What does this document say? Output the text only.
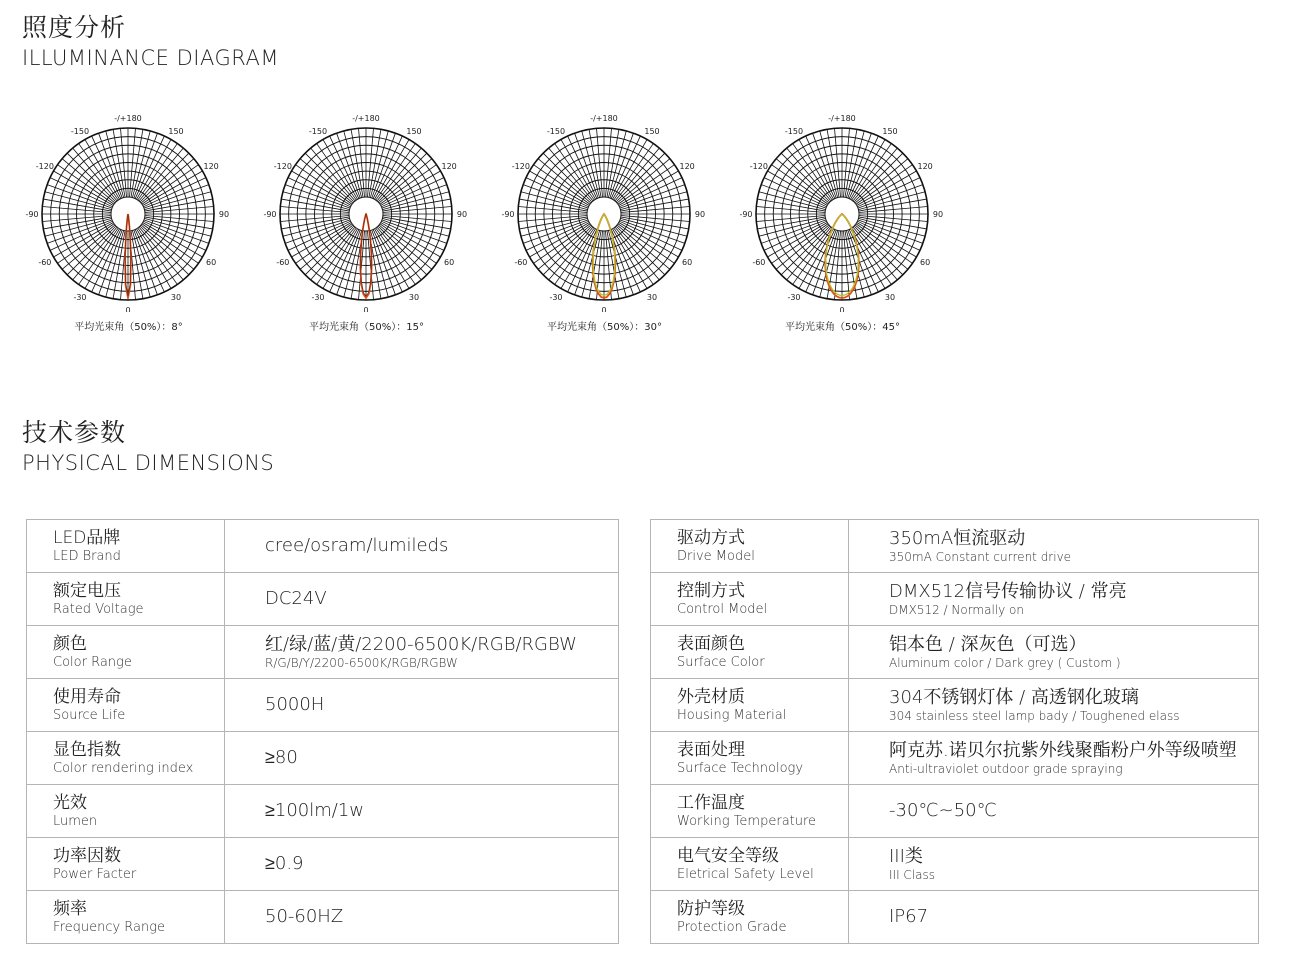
照度分析
ILLUMINANCE DIAGRAM
-/+180
150
-150
120
-120
90
-90
60
-60
30
-30
0
平均光束角（50%）：8°
-/+180
150
-150
120
-120
90
-90
60
-60
30
-30
0
平均光束角（50%）：15°
-/+180
150
-150
120
-120
90
-90
60
-60
30
-30
0
平均光束角（50%）：30°
-/+180
150
-150
120
-120
90
-90
60
-60
30
-30
0
平均光束角（50%）：45°
技术参数
PHYSICAL DIMENSIONS
LED品牌
LED Brand	cree/osram/lumileds

额定电压
Rated Voltage	DC24V

颜色
Color Range	红/绿/蓝/黄/2200-6500K/RGB/RGBW
R/G/B/Y/2200-6500K/RGB/RGBW

使用寿命
Source Life	5000H

显色指数
Color rendering index	≥80

光效
Lumen	≥100lm/1w

功率因数
Power Facter	≥0.9

频率
Frequency Range	50-60HZ
驱动方式
Drive Model	350mA恒流驱动
350mA Constant current drive

控制方式
Control Model	DMX512信号传输协议 / 常亮
DMX512 / Normally on

表面颜色
Surface Color	铝本色 / 深灰色（可选）
Aluminum color / Dark grey ( Custom )

外壳材质
Housing Material	304不锈钢灯体 / 高透钢化玻璃
304 stainless steel lamp bady / Toughened elass

表面处理
Surface Technology	阿克苏.诺贝尔抗紫外线聚酯粉户外等级喷塑
Anti-ultraviolet outdoor grade spraying

工作温度
Working Temperature	-30℃~50℃

电气安全等级
Eletrical Safety Level	III类
III Class

防护等级
Protection Grade	IP67
